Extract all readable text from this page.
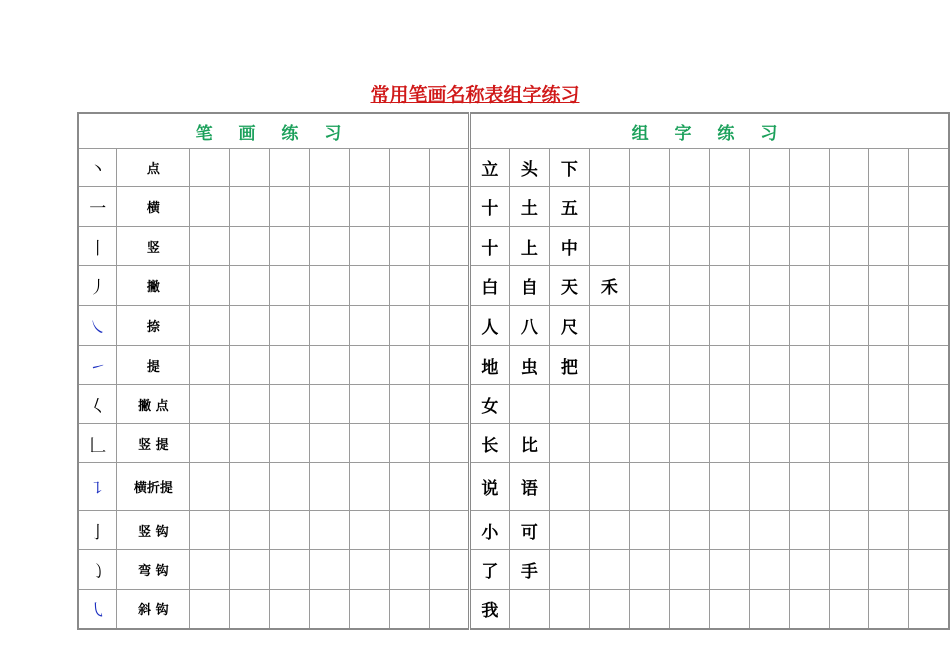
常用笔画名称表组字练习
笔 画 练 习									组 字 练 习											
丶	点								立	头	下									
一	横								十	土	五									
丨	竖								十	上	中									
丿	撇								白	自	天	禾								
㇏	捺								人	八	尺									
㇀	提								地	虫	把									
𡿨	撇 点								女											
𠃊	竖 提								长	比										
㇊	横折提								说	语										
亅	竖 钩								小	可										
㇁	弯 钩								了	手										
㇂	斜 钩								我											
